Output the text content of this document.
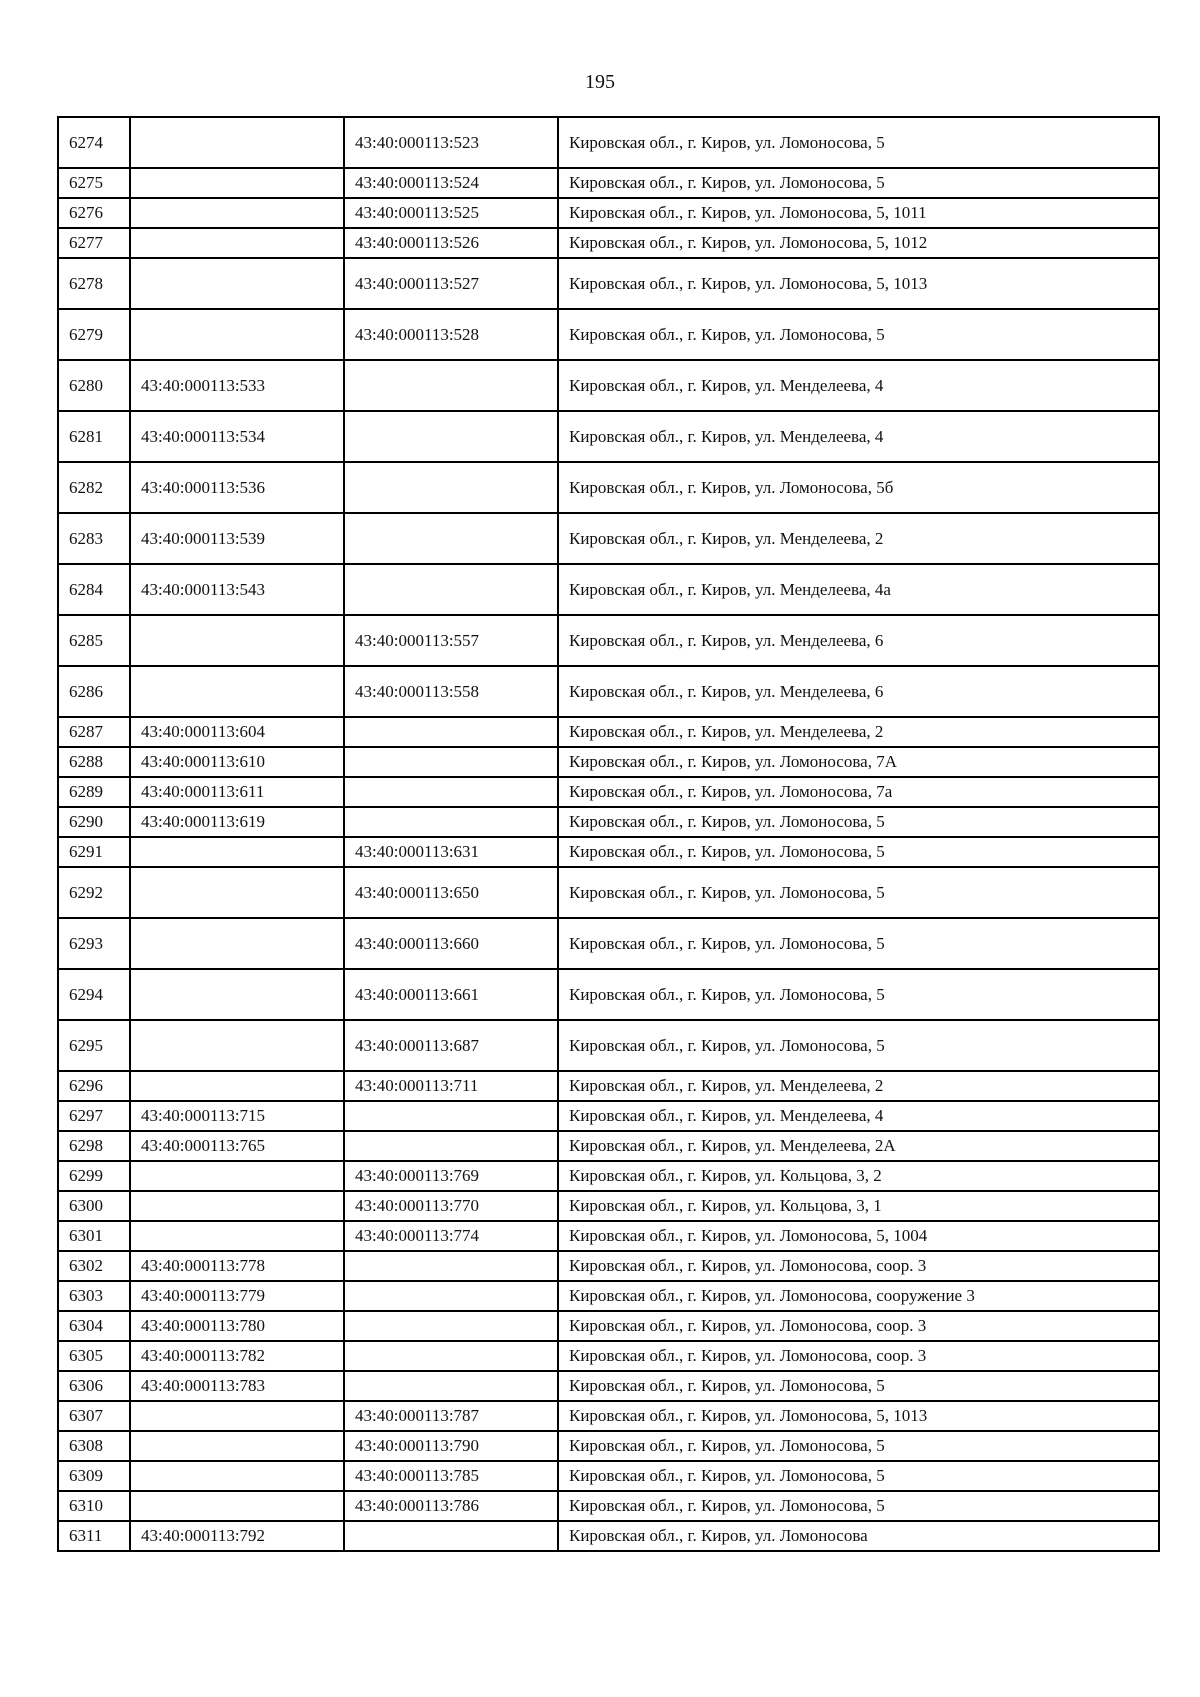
195
6274		43:40:000113:523	Кировская обл., г. Киров, ул. Ломоносова, 5
6275		43:40:000113:524	Кировская обл., г. Киров, ул. Ломоносова, 5
6276		43:40:000113:525	Кировская обл., г. Киров, ул. Ломоносова, 5, 1011
6277		43:40:000113:526	Кировская обл., г. Киров, ул. Ломоносова, 5, 1012
6278		43:40:000113:527	Кировская обл., г. Киров, ул. Ломоносова, 5, 1013
6279		43:40:000113:528	Кировская обл., г. Киров, ул. Ломоносова, 5
6280	43:40:000113:533		Кировская обл., г. Киров, ул. Менделеева, 4
6281	43:40:000113:534		Кировская обл., г. Киров, ул. Менделеева, 4
6282	43:40:000113:536		Кировская обл., г. Киров, ул. Ломоносова, 5б
6283	43:40:000113:539		Кировская обл., г. Киров, ул. Менделеева, 2
6284	43:40:000113:543		Кировская обл., г. Киров, ул. Менделеева, 4а
6285		43:40:000113:557	Кировская обл., г. Киров, ул. Менделеева, 6
6286		43:40:000113:558	Кировская обл., г. Киров, ул. Менделеева, 6
6287	43:40:000113:604		Кировская обл., г. Киров, ул. Менделеева, 2
6288	43:40:000113:610		Кировская обл., г. Киров, ул. Ломоносова, 7А
6289	43:40:000113:611		Кировская обл., г. Киров, ул. Ломоносова, 7а
6290	43:40:000113:619		Кировская обл., г. Киров, ул. Ломоносова, 5
6291		43:40:000113:631	Кировская обл., г. Киров, ул. Ломоносова, 5
6292		43:40:000113:650	Кировская обл., г. Киров, ул. Ломоносова, 5
6293		43:40:000113:660	Кировская обл., г. Киров, ул. Ломоносова, 5
6294		43:40:000113:661	Кировская обл., г. Киров, ул. Ломоносова, 5
6295		43:40:000113:687	Кировская обл., г. Киров, ул. Ломоносова, 5
6296		43:40:000113:711	Кировская обл., г. Киров, ул. Менделеева, 2
6297	43:40:000113:715		Кировская обл., г. Киров, ул. Менделеева, 4
6298	43:40:000113:765		Кировская обл., г. Киров, ул. Менделеева, 2А
6299		43:40:000113:769	Кировская обл., г. Киров, ул. Кольцова, 3, 2
6300		43:40:000113:770	Кировская обл., г. Киров, ул. Кольцова, 3, 1
6301		43:40:000113:774	Кировская обл., г. Киров, ул. Ломоносова, 5, 1004
6302	43:40:000113:778		Кировская обл., г. Киров, ул. Ломоносова, соор. 3
6303	43:40:000113:779		Кировская обл., г. Киров, ул. Ломоносова, сооружение 3
6304	43:40:000113:780		Кировская обл., г. Киров, ул. Ломоносова, соор. 3
6305	43:40:000113:782		Кировская обл., г. Киров, ул. Ломоносова, соор. 3
6306	43:40:000113:783		Кировская обл., г. Киров, ул. Ломоносова, 5
6307		43:40:000113:787	Кировская обл., г. Киров, ул. Ломоносова, 5, 1013
6308		43:40:000113:790	Кировская обл., г. Киров, ул. Ломоносова, 5
6309		43:40:000113:785	Кировская обл., г. Киров, ул. Ломоносова, 5
6310		43:40:000113:786	Кировская обл., г. Киров, ул. Ломоносова, 5
6311	43:40:000113:792		Кировская обл., г. Киров, ул. Ломоносова
